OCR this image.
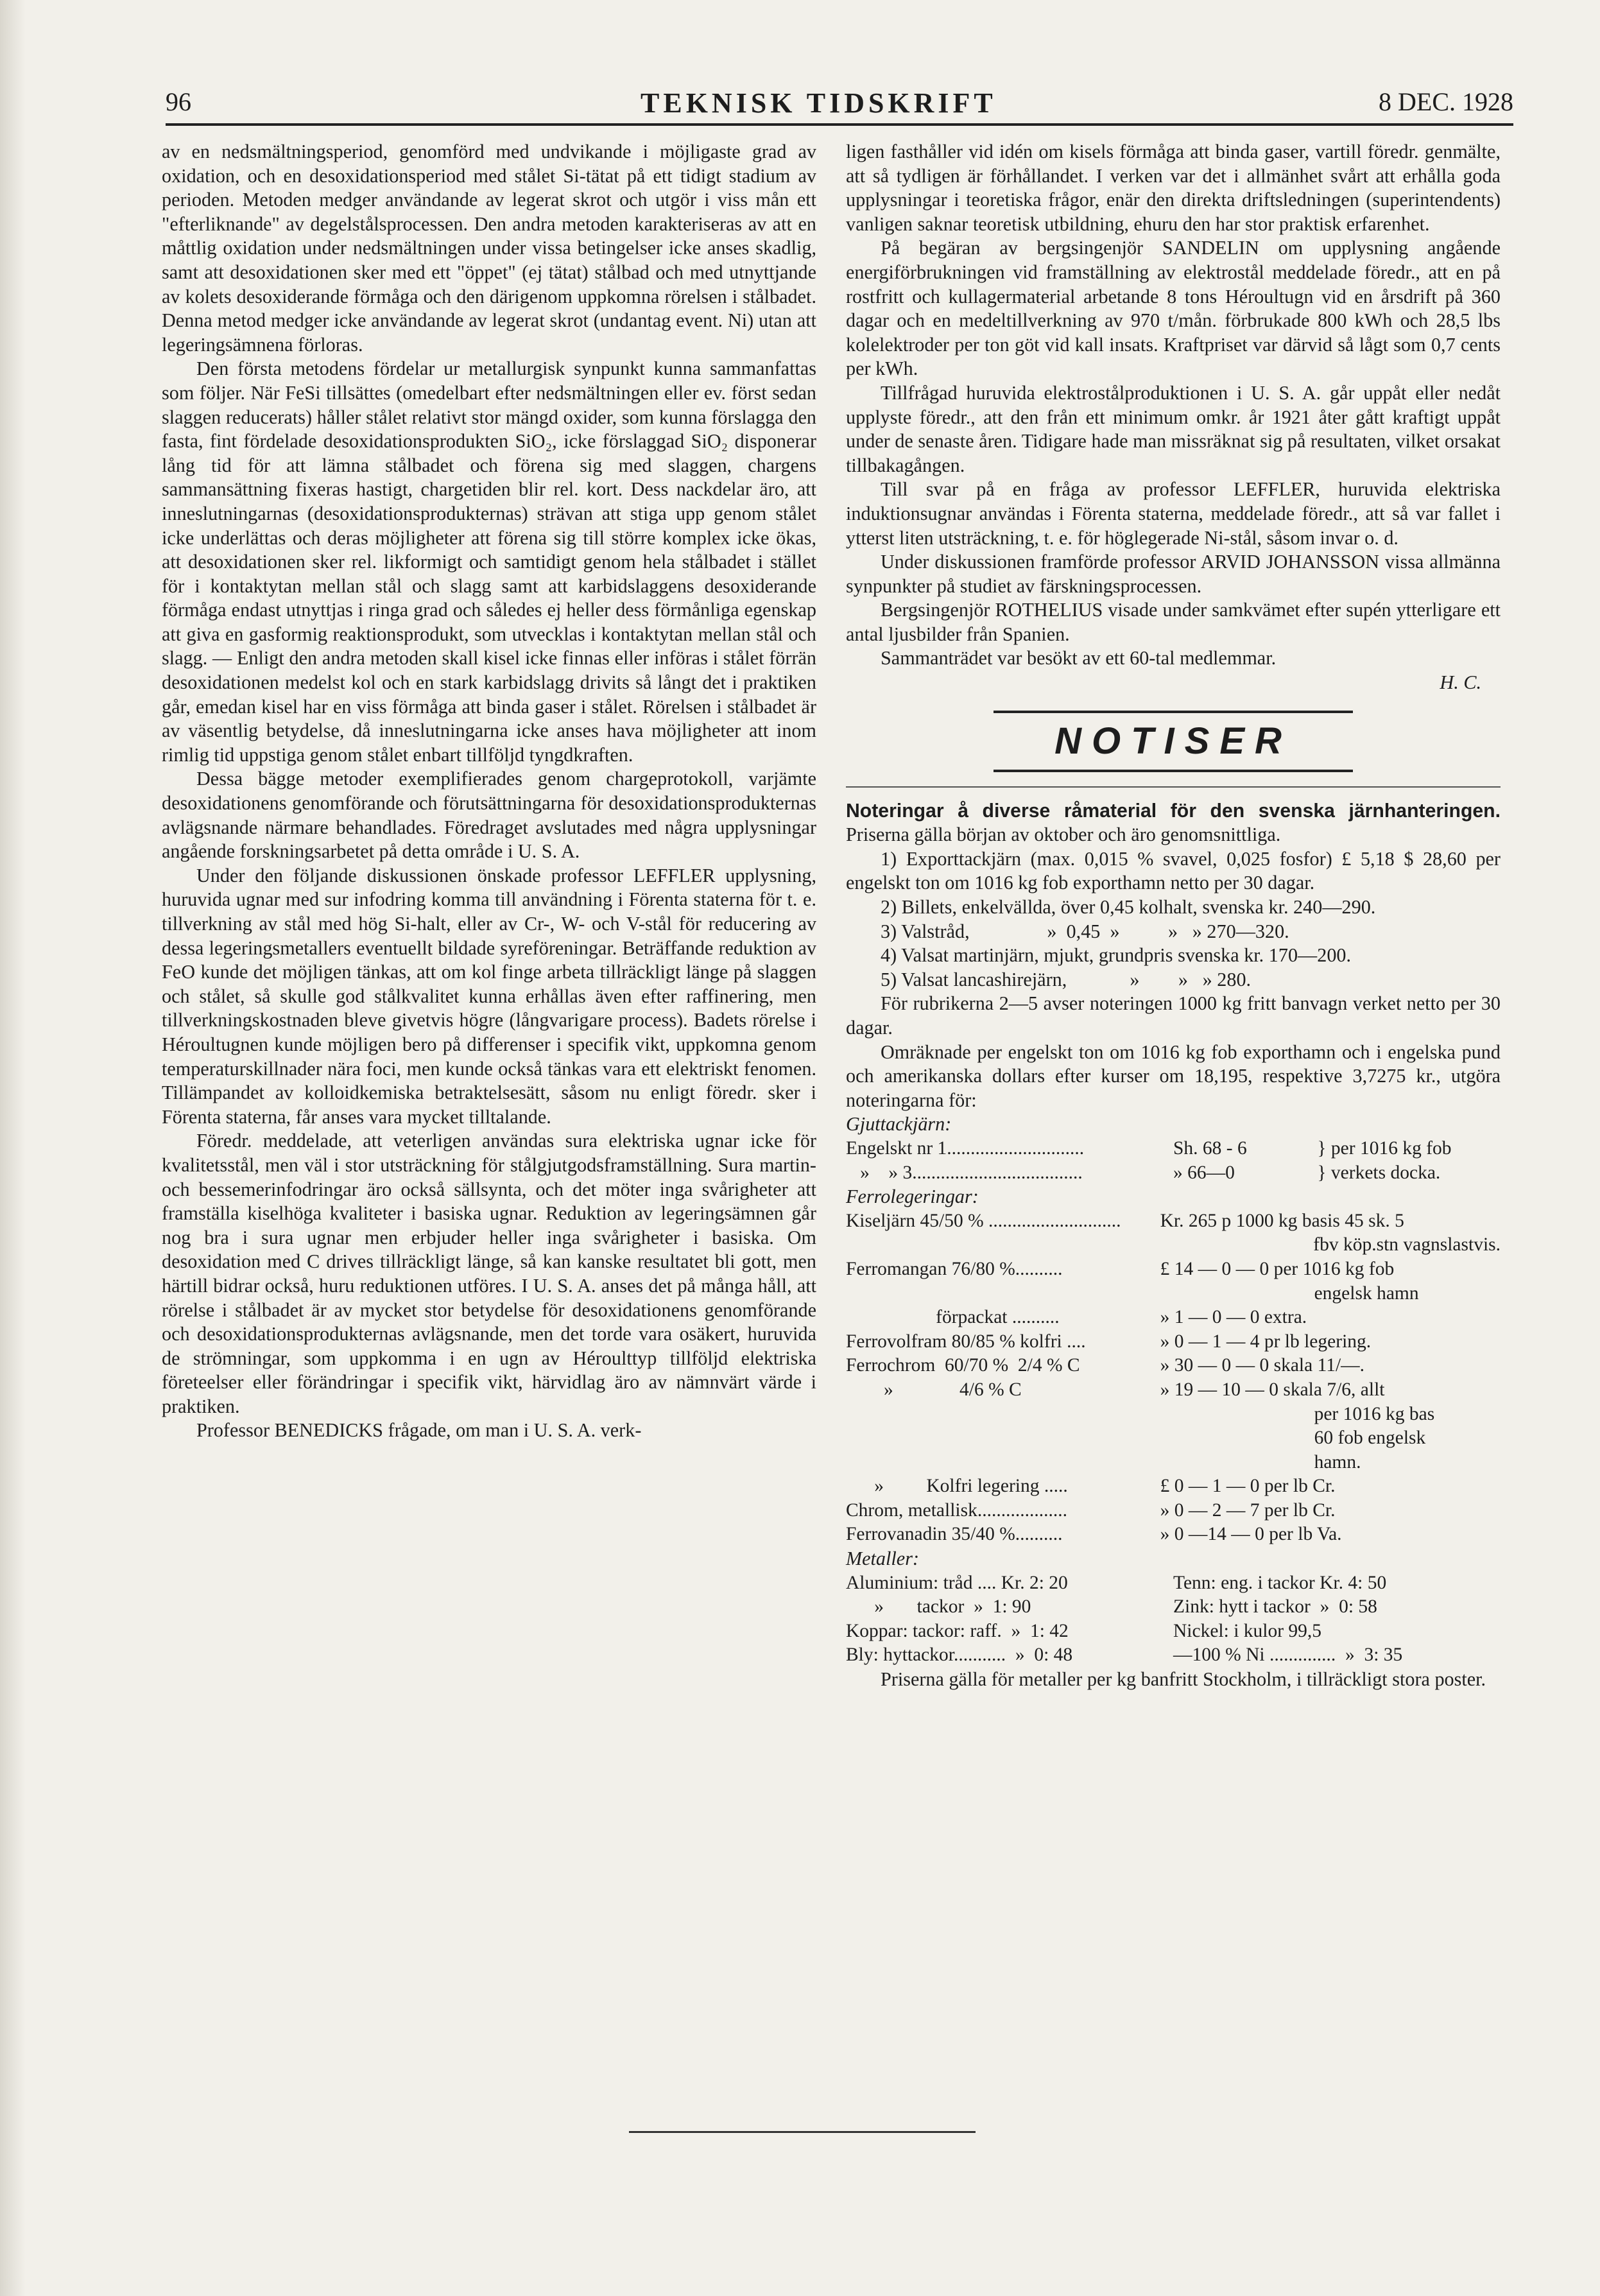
96	TEKNISK TIDSKRIFT	8 DEC. 1928

av en nedsmältningsperiod, genomförd med undvikande i möjligaste grad av oxidation, och en desoxidationsperiod med stålet Si-tätat på ett tidigt stadium av perioden. Metoden medger användande av legerat skrot och utgör i viss mån ett "efterliknande" av degelstålsprocessen. Den andra metoden karakteriseras av att en måttlig oxidation under nedsmältningen under vissa betingelser icke anses skadlig, samt att desoxidationen sker med ett "öppet" (ej tätat) stålbad och med utnyttjande av kolets desoxiderande förmåga och den därigenom uppkomna rörelsen i stålbadet. Denna metod medger icke användande av legerat skrot (undantag event. Ni) utan att legeringsämnena förloras.

Den första metodens fördelar ur metallurgisk synpunkt kunna sammanfattas som följer. När FeSi tillsättes (omedelbart efter nedsmältningen eller ev. först sedan slaggen reducerats) håller stålet relativt stor mängd oxider, som kunna förslagga den fasta, fint fördelade desoxidationsprodukten SiO₂, icke förslaggad SiO₂ disponerar lång tid för att lämna stålbadet och förena sig med slaggen, chargens sammansättning fixeras hastigt, chargetiden blir rel. kort. Dess nackdelar äro, att inneslutningarnas (desoxidationsprodukternas) strävan att stiga upp genom stålet icke underlättas och deras möjligheter att förena sig till större komplex icke ökas, att desoxidationen sker rel. likformigt och samtidigt genom hela stålbadet i stället för i kontaktytan mellan stål och slagg samt att karbidslaggens desoxiderande förmåga endast utnyttjas i ringa grad och således ej heller dess förmånliga egenskap att giva en gasformig reaktionsprodukt, som utvecklas i kontaktytan mellan stål och slagg. — Enligt den andra metoden skall kisel icke finnas eller införas i stålet förrän desoxidationen medelst kol och en stark karbidslagg drivits så långt det i praktiken går, emedan kisel har en viss förmåga att binda gaser i stålet. Rörelsen i stålbadet är av väsentlig betydelse, då inneslutningarna icke anses hava möjligheter att inom rimlig tid uppstiga genom stålet enbart tillföljd tyngdkraften.

Dessa bägge metoder exemplifierades genom chargeprotokoll, varjämte desoxidationens genomförande och förutsättningarna för desoxidationsprodukternas avlägsnande närmare behandlades. Föredraget avslutades med några upplysningar angående forskningsarbetet på detta område i U. S. A.

Under den följande diskussionen önskade professor LEFFLER upplysning, huruvida ugnar med sur infodring komma till användning i Förenta staterna för t. e. tillverkning av stål med hög Si-halt, eller av Cr-, W- och V-stål för reducering av dessa legeringsmetallers eventuellt bildade syreföreningar. Beträffande reduktion av FeO kunde det möjligen tänkas, att om kol finge arbeta tillräckligt länge på slaggen och stålet, så skulle god stålkvalitet kunna erhållas även efter raffinering, men tillverkningskostnaden bleve givetvis högre (långvarigare process). Badets rörelse i Héroultugnen kunde möjligen bero på differenser i specifik vikt, uppkomna genom temperaturskillnader nära foci, men kunde också tänkas vara ett elektriskt fenomen. Tillämpandet av kolloidkemiska betraktelsesätt, såsom nu enligt föredr. sker i Förenta staterna, får anses vara mycket tilltalande.

Föredr. meddelade, att veterligen användas sura elektriska ugnar icke för kvalitetsstål, men väl i stor utsträckning för stålgjutgodsframställning. Sura martin- och bessemerinfodringar äro också sällsynta, och det möter inga svårigheter att framställa kiselhöga kvaliteter i basiska ugnar. Reduktion av legeringsämnen går nog bra i sura ugnar men erbjuder heller inga svårigheter i basiska. Om desoxidation med C drives tillräckligt länge, så kan kanske resultatet bli gott, men härtill bidrar också, huru reduktionen utföres. I U. S. A. anses det på många håll, att rörelse i stålbadet är av mycket stor betydelse för desoxidationens genomförande och desoxidationsprodukternas avlägsnande, men det torde vara osäkert, huruvida de strömningar, som uppkomma i en ugn av Héroulttyp tillföljd elektriska företeelser eller förändringar i specifik vikt, härvidlag äro av nämnvärt värde i praktiken.

Professor BENEDICKS frågade, om man i U. S. A. verk-

ligen fasthåller vid idén om kisels förmåga att binda gaser, vartill föredr. genmälte, att så tydligen är förhållandet. I verken var det i allmänhet svårt att erhålla goda upplysningar i teoretiska frågor, enär den direkta driftsledningen (superintendents) vanligen saknar teoretisk utbildning, ehuru den har stor praktisk erfarenhet.

På begäran av bergsingenjör SANDELIN om upplysning angående energiförbrukningen vid framställning av elektrostål meddelade föredr., att en på rostfritt och kullagermaterial arbetande 8 tons Héroultugn vid en årsdrift på 360 dagar och en medeltillverkning av 970 t/mån. förbrukade 800 kWh och 28,5 lbs kolelektroder per ton göt vid kall insats. Kraftpriset var därvid så lågt som 0,7 cents per kWh.

Tillfrågad huruvida elektrostålproduktionen i U. S. A. går uppåt eller nedåt upplyste föredr., att den från ett minimum omkr. år 1921 åter gått kraftigt uppåt under de senaste åren. Tidigare hade man missräknat sig på resultaten, vilket orsakat tillbakagången.

Till svar på en fråga av professor LEFFLER, huruvida elektriska induktionsugnar användas i Förenta staterna, meddelade föredr., att så var fallet i ytterst liten utsträckning, t. e. för höglegerade Ni-stål, såsom invar o. d.

Under diskussionen framförde professor ARVID JOHANSSON vissa allmänna synpunkter på studiet av färskningsprocessen.

Bergsingenjör ROTHELIUS visade under samkvämet efter supén ytterligare ett antal ljusbilder från Spanien.

Sammanträdet var besökt av ett 60-tal medlemmar.

H. C.

NOTISER

Noteringar å diverse råmaterial för den svenska järnhanteringen. Priserna gälla början av oktober och äro genomsnittliga.

1) Exporttackjärn (max. 0,015 % svavel, 0,025 fosfor) £ 5,18 $ 28,60 per engelskt ton om 1016 kg fob exporthamn netto per 30 dagar.

2) Billets, enkelvällda, över 0,45 kolhalt, svenska kr. 240—290.

3) Valstråd,                »  0,45  »          »   » 270—320.

4) Valsat martinjärn, mjukt, grundpris svenska kr. 170—200.

5) Valsat lancashirejärn,             »        »   » 280.

För rubrikerna 2—5 avser noteringen 1000 kg fritt banvagn verket netto per 30 dagar.

Omräknade per engelskt ton om 1016 kg fob exporthamn och i engelska pund och amerikanska dollars efter kurser om 18,195, respektive 3,7275 kr., utgöra noteringarna för:

Gjuttackjärn:

Engelskt nr 1.............................	Sh. 68 - 6	} per 1016 kg fob
»    » 3....................................	» 66—0	} verkets docka.

Ferrolegeringar:

Kiseljärn 45/50 % ............................	Kr. 265 p 1000 kg basis 45 sk. 5
	fbv köp.stn vagnslastvis.
Ferromangan 76/80 %..........	£ 14 — 0 — 0 per 1016 kg fob
	engelsk hamn
förpackat ..........	» 1 — 0 — 0 extra.
Ferrovolfram 80/85 % kolfri ....	» 0 — 1 — 4 pr lb legering.
Ferrochrom  60/70 %  2/4 % C	» 30 — 0 — 0 skala 11/—.
»              4/6 % C	» 19 — 10 — 0 skala 7/6, allt
	per 1016 kg bas
	60 fob engelsk
	hamn.
»         Kolfri legering .....	£ 0 — 1 — 0 per lb Cr.
Chrom, metallisk...................	» 0 — 2 — 7 per lb Cr.
Ferrovanadin 35/40 %..........	» 0 —14 — 0 per lb Va.

Metaller:

Aluminium: tråd .... Kr. 2: 20	Tenn: eng. i tackor Kr. 4: 50
»       tackor  »  1: 90	Zink: hytt i tackor  »  0: 58
Koppar: tackor: raff.  »  1: 42	Nickel: i kulor 99,5
Bly: hyttackor...........  »  0: 48	—100 % Ni ..............  »  3: 35

Priserna gälla för metaller per kg banfritt Stockholm, i tillräckligt stora poster.
